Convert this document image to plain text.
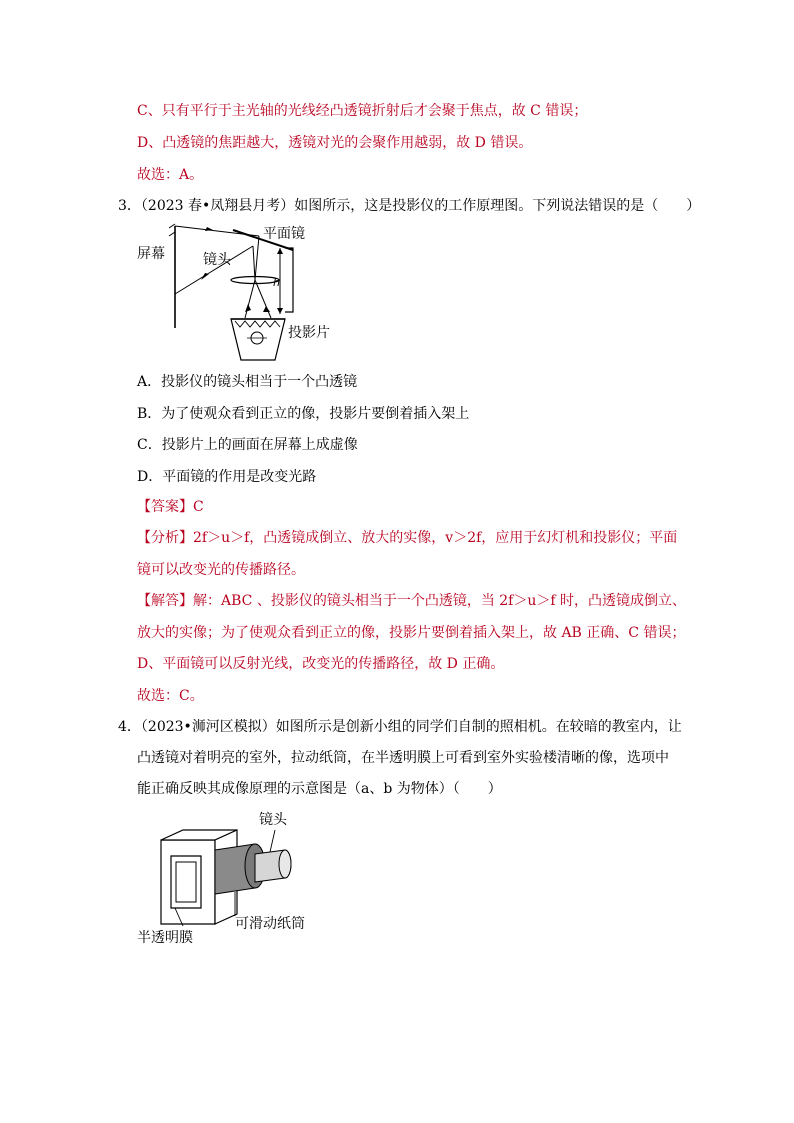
C、只有平行于主光轴的光线经凸透镜折射后才会聚于焦点，故 C 错误；
D、凸透镜的焦距越大，透镜对光的会聚作用越弱，故 D 错误。
故选：A。
3．（2023 春•凤翔县月考）如图所示，这是投影仪的工作原理图。下列说法错误的是（　　）
h
屏幕
平面镜
镜头
投影片
A．投影仪的镜头相当于一个凸透镜
B．为了使观众看到正立的像，投影片要倒着插入架上
C．投影片上的画面在屏幕上成虚像
D．平面镜的作用是改变光路
【答案】C
【分析】2f＞u＞f，凸透镜成倒立、放大的实像，v＞2f，应用于幻灯机和投影仪；平面
镜可以改变光的传播路径。
【解答】解：ABC 、投影仪的镜头相当于一个凸透镜，当 2f＞u＞f 时，凸透镜成倒立、
放大的实像；为了使观众看到正立的像，投影片要倒着插入架上，故 AB 正确、C 错误；
D、平面镜可以反射光线，改变光的传播路径，故 D 正确。
故选：C。
4．（2023•浉河区模拟）如图所示是创新小组的同学们自制的照相机。在较暗的教室内，让
凸透镜对着明亮的室外，拉动纸筒，在半透明膜上可看到室外实验楼清晰的像，选项中
能正确反映其成像原理的示意图是（a、b 为物体）（　　）
镜头
可滑动纸筒
半透明膜
